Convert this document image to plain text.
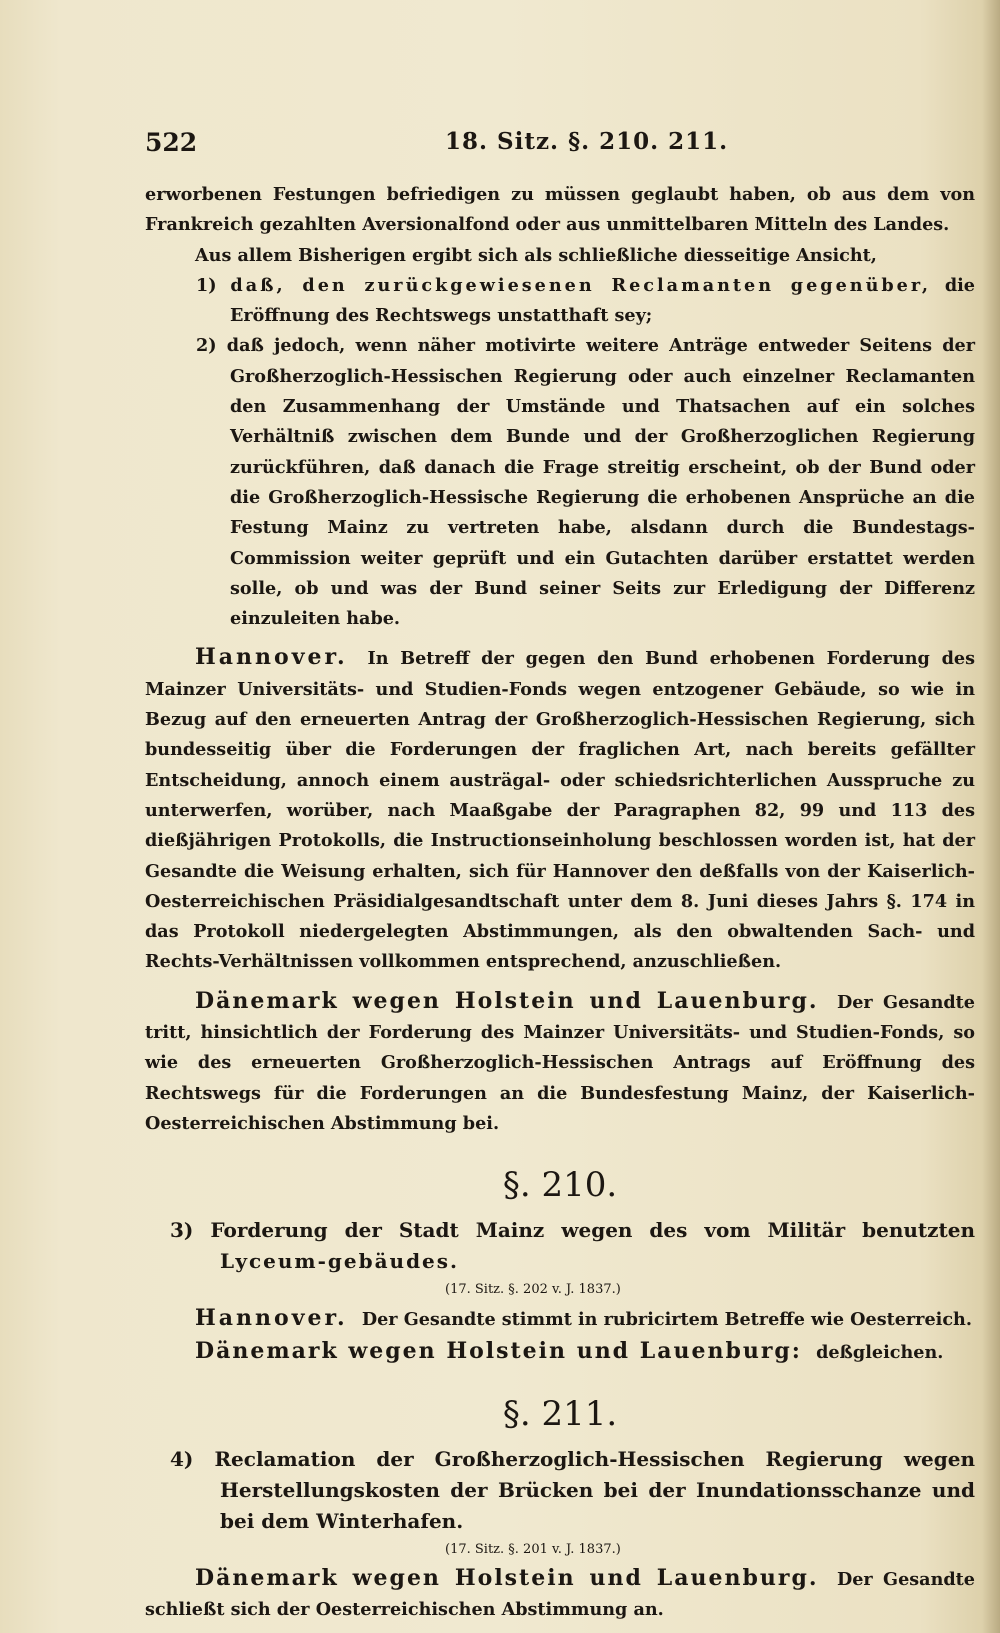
522	18. Sitz. §. 210. 211.

erworbenen Festungen befriedigen zu müssen geglaubt haben, ob aus dem von Frankreich gezahlten Aversionalfond oder aus unmittelbaren Mitteln des Landes.

Aus allem Bisherigen ergibt sich als schließliche diesseitige Ansicht,

1) daß, den zurückgewiesenen Reclamanten gegenüber, die Eröffnung des Rechtswegs unstatthaft sey;

2) daß jedoch, wenn näher motivirte weitere Anträge entweder Seitens der Großherzoglich-Hessischen Regierung oder auch einzelner Reclamanten den Zusammenhang der Umstände und Thatsachen auf ein solches Verhältniß zwischen dem Bunde und der Großherzoglichen Regierung zurückführen, daß danach die Frage streitig erscheint, ob der Bund oder die Großherzoglich-Hessische Regierung die erhobenen Ansprüche an die Festung Mainz zu vertreten habe, alsdann durch die Bundestags-Commission weiter geprüft und ein Gutachten darüber erstattet werden solle, ob und was der Bund seiner Seits zur Erledigung der Differenz einzuleiten habe.

Hannover. In Betreff der gegen den Bund erhobenen Forderung des Mainzer Universitäts- und Studien-Fonds wegen entzogener Gebäude, so wie in Bezug auf den erneuerten Antrag der Großherzoglich-Hessischen Regierung, sich bundesseitig über die Forderungen der fraglichen Art, nach bereits gefällter Entscheidung, annoch einem austrägal- oder schiedsrichterlichen Ausspruche zu unterwerfen, worüber, nach Maaßgabe der Paragraphen 82, 99 und 113 des dießjährigen Protokolls, die Instructionseinholung beschlossen worden ist, hat der Gesandte die Weisung erhalten, sich für Hannover den deßfalls von der Kaiserlich-Oesterreichischen Präsidialgesandtschaft unter dem 8. Juni dieses Jahrs §. 174 in das Protokoll niedergelegten Abstimmungen, als den obwaltenden Sach- und Rechts-Verhältnissen vollkommen entsprechend, anzuschließen.

Dänemark wegen Holstein und Lauenburg. Der Gesandte tritt, hinsichtlich der Forderung des Mainzer Universitäts- und Studien-Fonds, so wie des erneuerten Großherzoglich-Hessischen Antrags auf Eröffnung des Rechtswegs für die Forderungen an die Bundesfestung Mainz, der Kaiserlich-Oesterreichischen Abstimmung bei.

§. 210.

3) Forderung der Stadt Mainz wegen des vom Militär benutzten Lyceum-gebäudes.

(17. Sitz. §. 202 v. J. 1837.)

Hannover. Der Gesandte stimmt in rubricirtem Betreffe wie Oesterreich.

Dänemark wegen Holstein und Lauenburg: deßgleichen.

§. 211.

4) Reclamation der Großherzoglich-Hessischen Regierung wegen Herstellungskosten der Brücken bei der Inundationsschanze und bei dem Winterhafen.

(17. Sitz. §. 201 v. J. 1837.)

Dänemark wegen Holstein und Lauenburg. Der Gesandte schließt sich der Oesterreichischen Abstimmung an.
